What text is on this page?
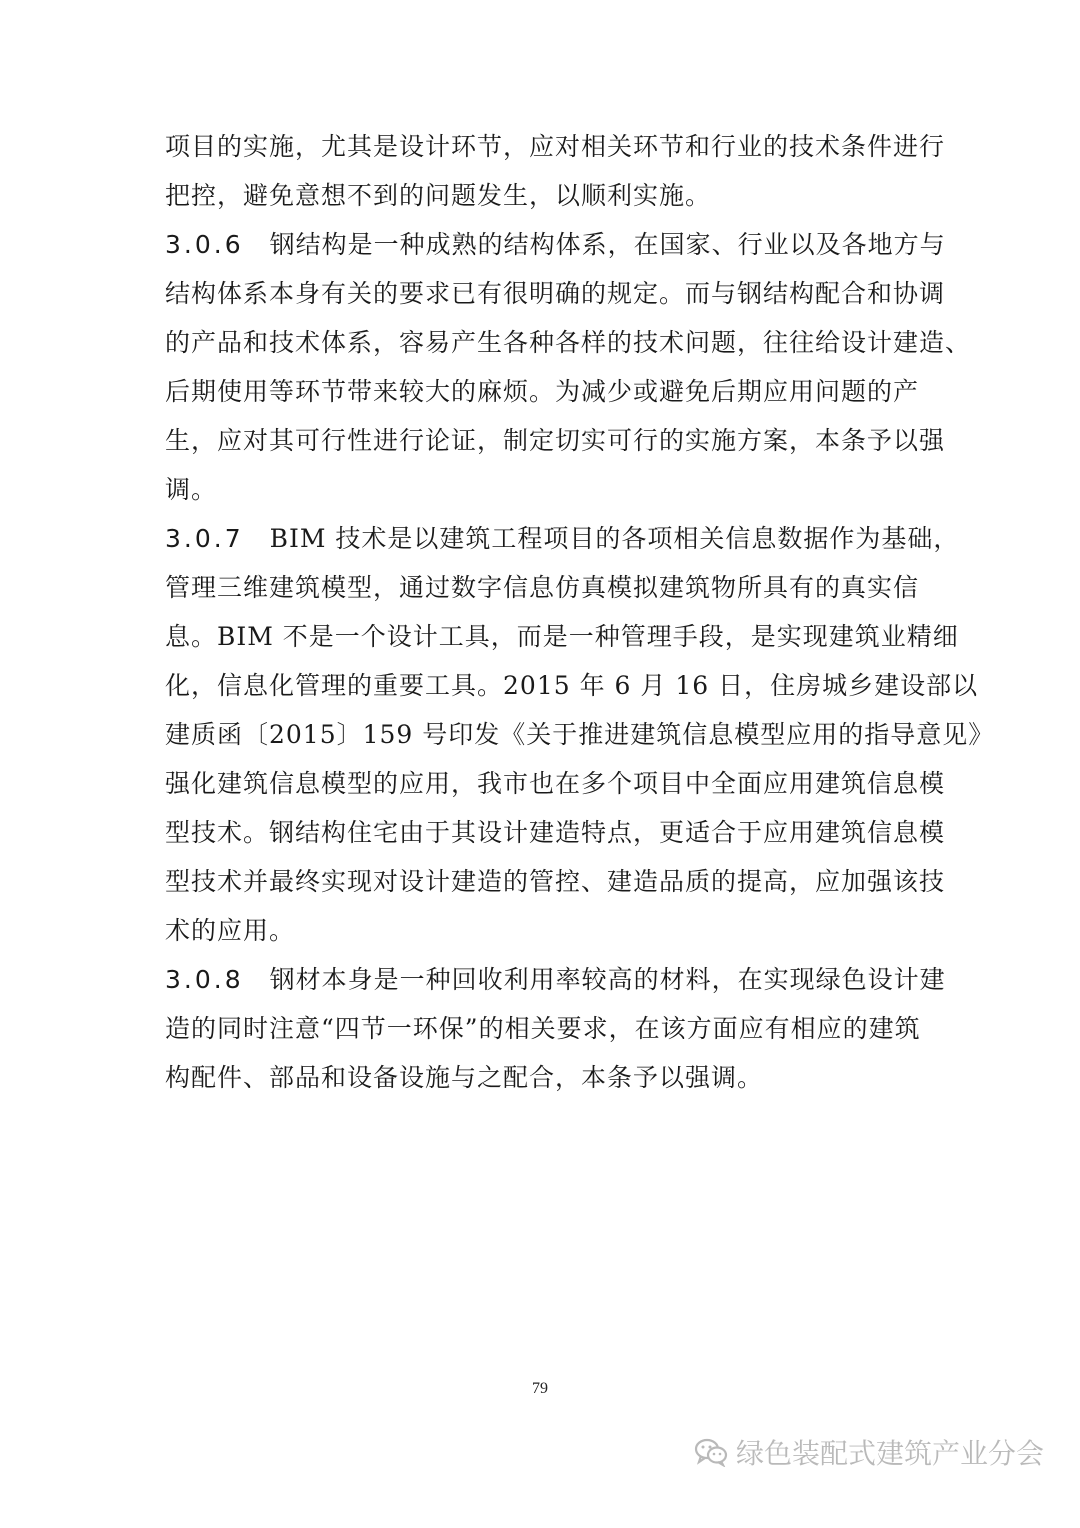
项目的实施，尤其是设计环节，应对相关环节和行业的技术条件进行
把控，避免意想不到的问题发生，以顺利实施。
3.0.6 钢结构是一种成熟的结构体系，在国家、行业以及各地方与
结构体系本身有关的要求已有很明确的规定。而与钢结构配合和协调
的产品和技术体系，容易产生各种各样的技术问题，往往给设计建造、
后期使用等环节带来较大的麻烦。为减少或避免后期应用问题的产
生，应对其可行性进行论证，制定切实可行的实施方案，本条予以强
调。
3.0.7 BIM 技术是以建筑工程项目的各项相关信息数据作为基础，
管理三维建筑模型，通过数字信息仿真模拟建筑物所具有的真实信
息。BIM 不是一个设计工具，而是一种管理手段，是实现建筑业精细
化，信息化管理的重要工具。2015 年 6 月 16 日，住房城乡建设部以
建质函〔2015〕159 号印发《关于推进建筑信息模型应用的指导意见》
强化建筑信息模型的应用，我市也在多个项目中全面应用建筑信息模
型技术。钢结构住宅由于其设计建造特点，更适合于应用建筑信息模
型技术并最终实现对设计建造的管控、建造品质的提高，应加强该技
术的应用。
3.0.8 钢材本身是一种回收利用率较高的材料，在实现绿色设计建
造的同时注意“四节一环保”的相关要求，在该方面应有相应的建筑
构配件、部品和设备设施与之配合，本条予以强调。
79
绿色装配式建筑产业分会
